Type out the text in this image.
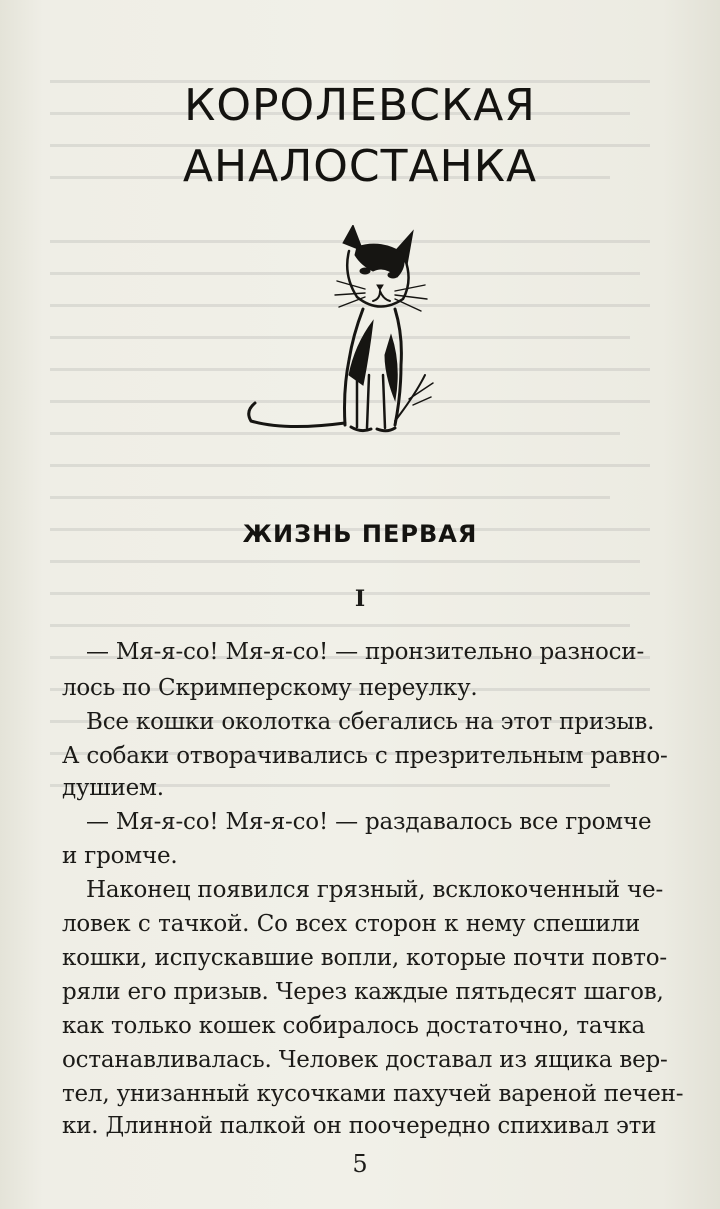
КОРОЛЕВСКАЯ
АНАЛОСТАНКА
ЖИЗНЬ ПЕРВАЯ
I
— Мя-я-со! Мя-я-со! — пронзительно разноси-
лось по Скримперскому переулку.
Все кошки околотка сбегались на этот призыв.
А собаки отворачивались с презрительным равно-
душием.
— Мя-я-со! Мя-я-со! — раздавалось все громче
и громче.
Наконец появился грязный, всклокоченный че-
ловек с тачкой. Со всех сторон к нему спешили
кошки, испускавшие вопли, которые почти повто-
ряли его призыв. Через каждые пятьдесят шагов,
как только кошек собиралось достаточно, тачка
останавливалась. Человек доставал из ящика вер-
тел, унизанный кусочками пахучей вареной печен-
ки. Длинной палкой он поочередно спихивал эти
5
